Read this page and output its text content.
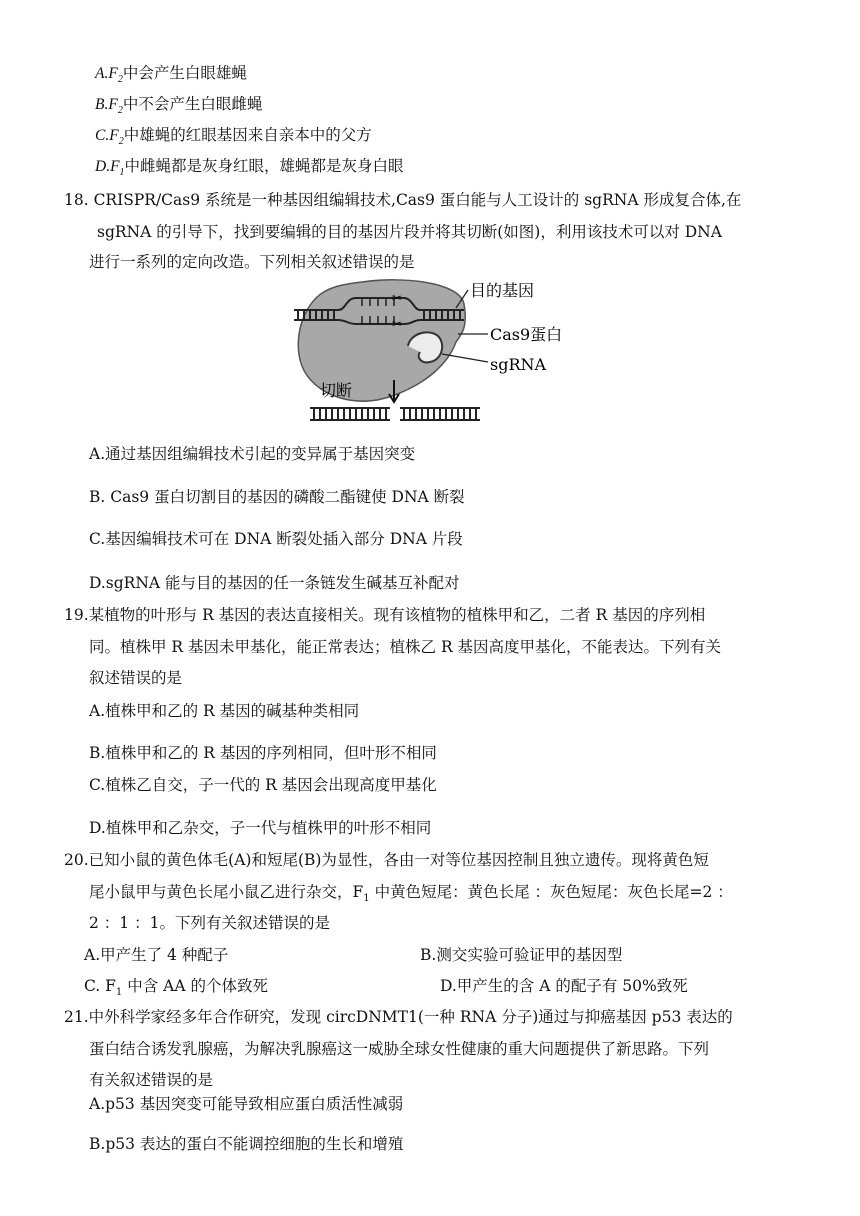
$A.F_2$中会产生白眼雄蝇
$B.F_2$中不会产生白眼雌蝇
$C.F_2$中雄蝇的红眼基因来自亲本中的父方
$D.F_1$中雌蝇都是灰身红眼，雄蝇都是灰身白眼
18. CRISPR/Cas9 系统是一种基因组编辑技术,Cas9 蛋白能与人工设计的 sgRNA 形成复合体,在
sgRNA 的引导下，找到要编辑的目的基因片段并将其切断(如图)，利用该技术可以对 DNA
进行一系列的定向改造。下列相关叙述错误的是
✂
✂
目的基因
Cas9蛋白
sgRNA
切断
A.通过基因组编辑技术引起的变异属于基因突变
B. Cas9 蛋白切割目的基因的磷酸二酯键使 DNA 断裂
C.基因编辑技术可在 DNA 断裂处插入部分 DNA 片段
D.sgRNA 能与目的基因的任一条链发生碱基互补配对
19.某植物的叶形与 R 基因的表达直接相关。现有该植物的植株甲和乙，二者 R 基因的序列相
同。植株甲 R 基因未甲基化，能正常表达；植株乙 R 基因高度甲基化，不能表达。下列有关
叙述错误的是
A.植株甲和乙的 R 基因的碱基种类相同
B.植株甲和乙的 R 基因的序列相同，但叶形不相同
C.植株乙自交，子一代的 R 基因会出现高度甲基化
D.植株甲和乙杂交，子一代与植株甲的叶形不相同
20.已知小鼠的黄色体毛(A)和短尾(B)为显性，各由一对等位基因控制且独立遗传。现将黄色短
尾小鼠甲与黄色长尾小鼠乙进行杂交，$F_1$ 中黄色短尾：黄色长尾 ：灰色短尾：灰色长尾=2 ：
2 ：1 ：1。下列有关叙述错误的是
A.甲产生了 4 种配子	B.测交实验可验证甲的基因型
C. $F_1$ 中含 AA 的个体致死	D.甲产生的含 A 的配子有 50%致死
21.中外科学家经多年合作研究，发现 circDNMT1(一种 RNA 分子)通过与抑癌基因 p53 表达的
蛋白结合诱发乳腺癌，为解决乳腺癌这一威胁全球女性健康的重大问题提供了新思路。下列
有关叙述错误的是
A.p53 基因突变可能导致相应蛋白质活性减弱
B.p53 表达的蛋白不能调控细胞的生长和增殖
